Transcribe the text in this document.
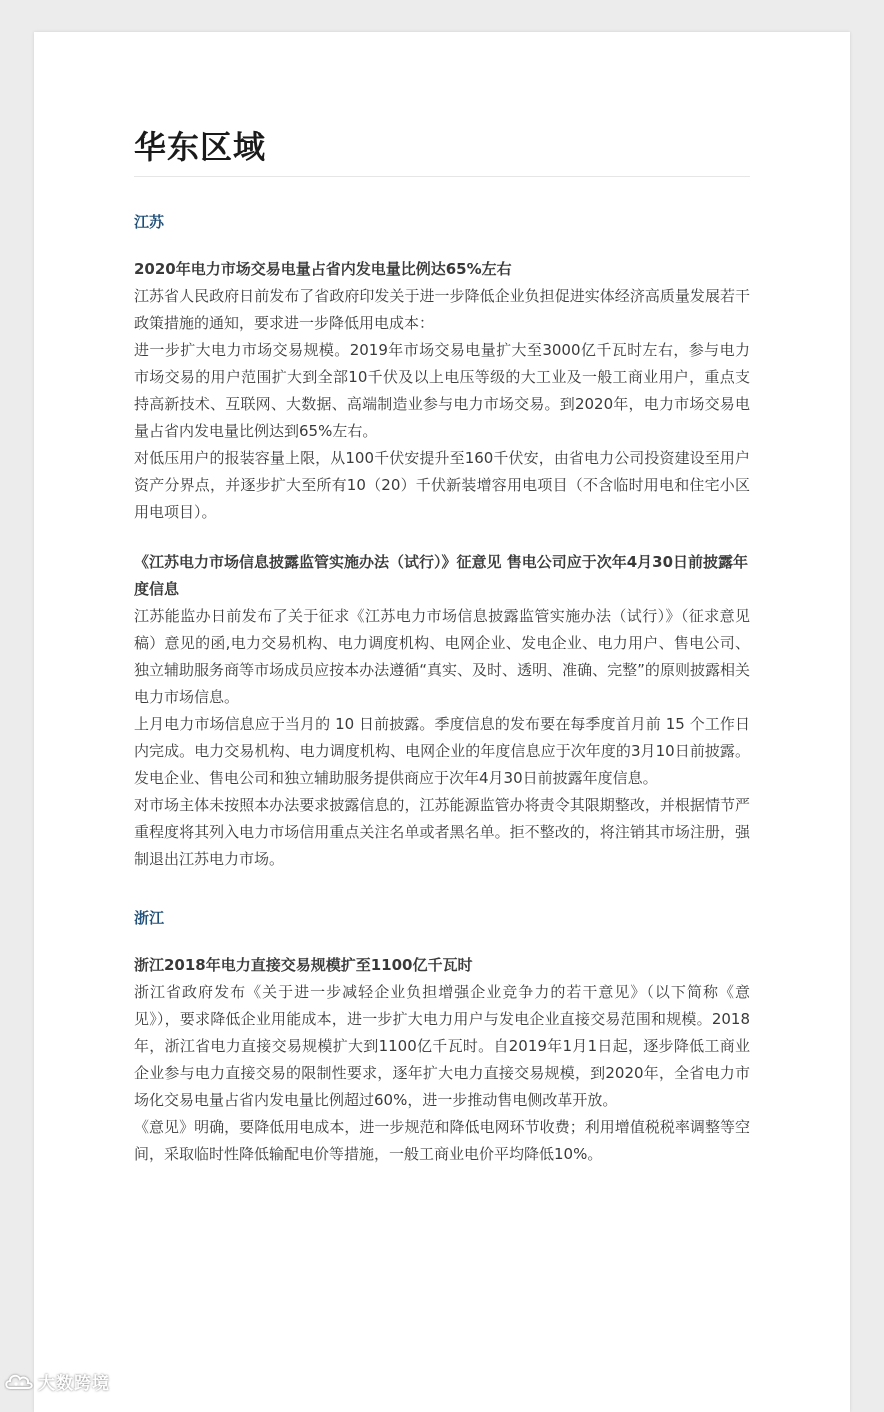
华东区域
江苏
2020年电力市场交易电量占省内发电量比例达65%左右

江苏省人民政府日前发布了省政府印发关于进一步降低企业负担促进实体经济高质量发展若干政策措施的通知，要求进一步降低用电成本：

进一步扩大电力市场交易规模。2019年市场交易电量扩大至3000亿千瓦时左右，参与电力市场交易的用户范围扩大到全部10千伏及以上电压等级的大工业及一般工商业用户，重点支持高新技术、互联网、大数据、高端制造业参与电力市场交易。到2020年，电力市场交易电量占省内发电量比例达到65%左右。

对低压用户的报装容量上限，从100千伏安提升至160千伏安，由省电力公司投资建设至用户资产分界点，并逐步扩大至所有10（20）千伏新装增容用电项目（不含临时用电和住宅小区用电项目）。

《江苏电力市场信息披露监管实施办法（试行）》征意见 售电公司应于次年4月30日前披露年度信息

江苏能监办日前发布了关于征求《江苏电力市场信息披露监管实施办法（试行）》（征求意见稿）意见的函,电力交易机构、电力调度机构、电网企业、发电企业、电力用户、售电公司、独立辅助服务商等市场成员应按本办法遵循“真实、及时、透明、准确、完整”的原则披露相关电力市场信息。

上月电力市场信息应于当月的 10 日前披露。季度信息的发布要在每季度首月前 15 个工作日内完成。电力交易机构、电力调度机构、电网企业的年度信息应于次年度的3月10日前披露。发电企业、售电公司和独立辅助服务提供商应于次年4月30日前披露年度信息。

对市场主体未按照本办法要求披露信息的，江苏能源监管办将责令其限期整改，并根据情节严重程度将其列入电力市场信用重点关注名单或者黑名单。拒不整改的，将注销其市场注册，强制退出江苏电力市场。

浙江
浙江2018年电力直接交易规模扩至1100亿千瓦时

浙江省政府发布《关于进一步减轻企业负担增强企业竞争力的若干意见》（以下简称《意见》），要求降低企业用能成本，进一步扩大电力用户与发电企业直接交易范围和规模。2018年，浙江省电力直接交易规模扩大到1100亿千瓦时。自2019年1月1日起，逐步降低工商业企业参与电力直接交易的限制性要求，逐年扩大电力直接交易规模，到2020年，全省电力市场化交易电量占省内发电量比例超过60%，进一步推动售电侧改革开放。

《意见》明确，要降低用电成本，进一步规范和降低电网环节收费；利用增值税税率调整等空间，采取临时性降低输配电价等措施，一般工商业电价平均降低10%。

大数跨境
